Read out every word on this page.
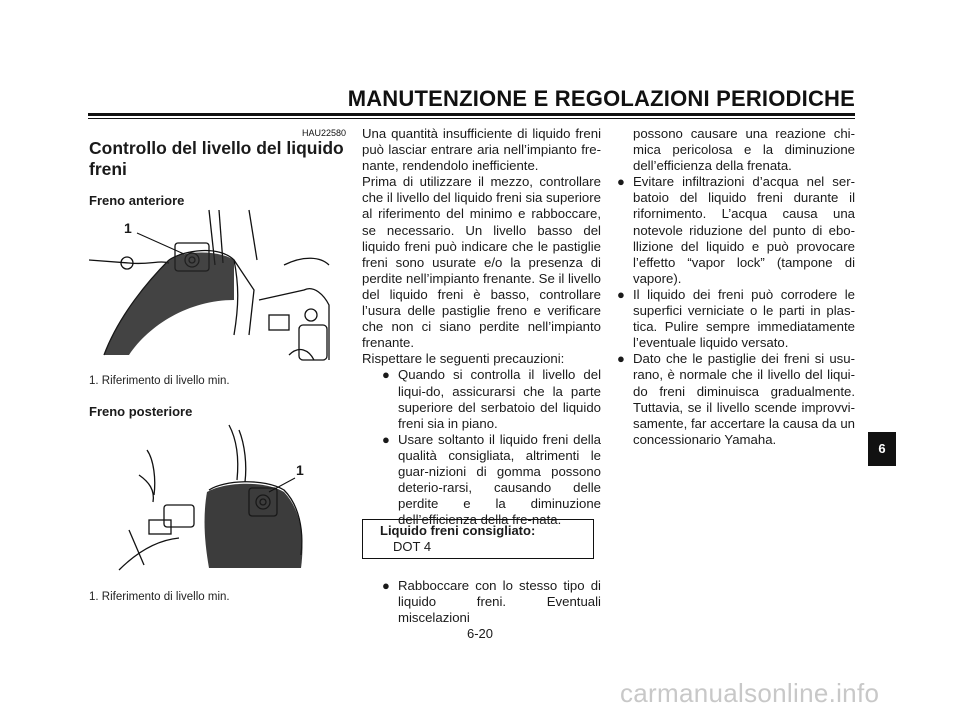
MANUTENZIONE E REGOLAZIONI PERIODICHE
HAU22580
Controllo del livello del liquido freni
Freno anteriore
1
1. Riferimento di livello min.
Freno posteriore
1
1. Riferimento di livello min.

Una quantità insufficiente di liquido freni può lasciar entrare aria nell’impianto fre-nante, rendendolo inefficiente.

Prima di utilizzare il mezzo, controllare che il livello del liquido freni sia superiore al riferimento del minimo e rabboccare, se necessario. Un livello basso del liquido freni può indicare che le pastiglie freni sono usurate e/o la presenza di perdite nell’impianto frenante. Se il livello del liquido freni è basso, controllare l’usura delle pastiglie freno e verificare che non ci siano perdite nell’impianto frenante.

Rispettare le seguenti precauzioni:

● Quando si controlla il livello del liqui-do, assicurarsi che la parte superiore del serbatoio del liquido freni sia in piano.
● Usare soltanto il liquido freni della qualità consigliata, altrimenti le guar-nizioni di gomma possono deterio-rarsi, causando delle perdite e la diminuzione dell’efficienza della fre-nata.
Liquido freni consigliato:
DOT 4
● Rabboccare con lo stesso tipo di liquido freni. Eventuali miscelazioni

possono causare una reazione chi-mica pericolosa e la diminuzione dell’efficienza della frenata.

● Evitare infiltrazioni d’acqua nel ser-batoio del liquido freni durante il rifornimento. L’acqua causa una notevole riduzione del punto di ebo-llizione del liquido e può provocare l’effetto “vapor lock” (tampone di vapore).
● Il liquido dei freni può corrodere le superfici verniciate o le parti in plas-tica. Pulire sempre immediatamente l’eventuale liquido versato.
● Dato che le pastiglie dei freni si usu-rano, è normale che il livello del liqui-do freni diminuisca gradualmente. Tuttavia, se il livello scende improvvi-samente, far accertare la causa da un concessionario Yamaha.
6
6-20
carmanualsonline.info
